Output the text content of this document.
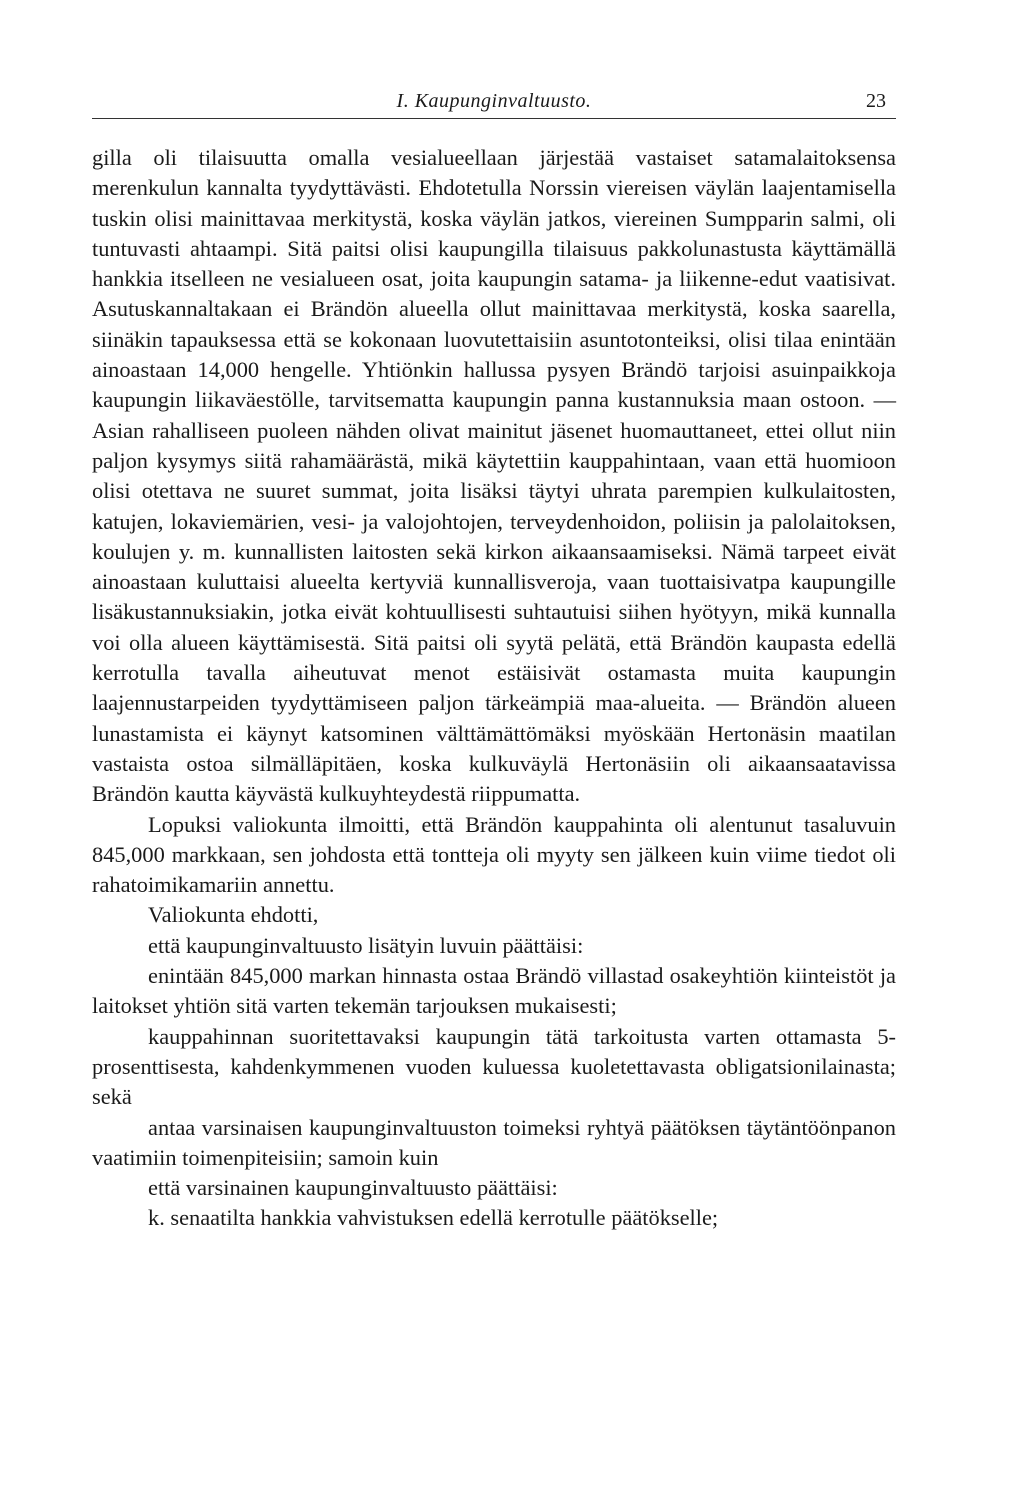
I. Kaupunginvaltuusto.	23

gilla oli tilaisuutta omalla vesialueellaan järjestää vastaiset satamalaitoksensa merenkulun kannalta tyydyttävästi. Ehdotetulla Norssin viereisen väylän laajentamisella tuskin olisi mainittavaa merkitystä, koska väylän jatkos, viereinen Sumpparin salmi, oli tuntuvasti ahtaampi. Sitä paitsi olisi kaupungilla tilaisuus pakkolunastusta käyttämällä hankkia itselleen ne vesialueen osat, joita kaupungin satama- ja liikenne-edut vaatisivat. Asutuskannaltakaan ei Brändön alueella ollut mainittavaa merkitystä, koska saarella, siinäkin tapauksessa että se kokonaan luovutettaisiin asuntotonteiksi, olisi tilaa enintään ainoastaan 14,000 hengelle. Yhtiönkin hallussa pysyen Brändö tarjoisi asuinpaikkoja kaupungin liikaväestölle, tarvitsematta kaupungin panna kustannuksia maan ostoon. — Asian rahalliseen puoleen nähden olivat mainitut jäsenet huomauttaneet, ettei ollut niin paljon kysymys siitä rahamäärästä, mikä käytettiin kauppahintaan, vaan että huomioon olisi otettava ne suuret summat, joita lisäksi täytyi uhrata parempien kulkulaitosten, katujen, lokaviemärien, vesi- ja valojohtojen, terveydenhoidon, poliisin ja palolaitoksen, koulujen y. m. kunnallisten laitosten sekä kirkon aikaansaamiseksi. Nämä tarpeet eivät ainoastaan kuluttaisi alueelta kertyviä kunnallisveroja, vaan tuottaisivatpa kaupungille lisäkustannuksiakin, jotka eivät kohtuullisesti suhtautuisi siihen hyötyyn, mikä kunnalla voi olla alueen käyttämisestä. Sitä paitsi oli syytä pelätä, että Brändön kaupasta edellä kerrotulla tavalla aiheutuvat menot estäisivät ostamasta muita kaupungin laajennustarpeiden tyydyttämiseen paljon tärkeämpiä maa-alueita. — Brändön alueen lunastamista ei käynyt katsominen välttämättömäksi myöskään Hertonäsin maatilan vastaista ostoa silmälläpitäen, koska kulkuväylä Hertonäsiin oli aikaansaatavissa Brändön kautta käyvästä kulkuyhteydestä riippumatta.

Lopuksi valiokunta ilmoitti, että Brändön kauppahinta oli alentunut tasaluvuin 845,000 markkaan, sen johdosta että tontteja oli myyty sen jälkeen kuin viime tiedot oli rahatoimikamariin annettu.

Valiokunta ehdotti,

että kaupunginvaltuusto lisätyin luvuin päättäisi:

enintään 845,000 markan hinnasta ostaa Brändö villastad osakeyhtiön kiinteistöt ja laitokset yhtiön sitä varten tekemän tarjouksen mukaisesti;

kauppahinnan suoritettavaksi kaupungin tätä tarkoitusta varten ottamasta 5-prosenttisesta, kahdenkymmenen vuoden kuluessa kuoletettavasta obligatsionilainasta; sekä

antaa varsinaisen kaupunginvaltuuston toimeksi ryhtyä päätöksen täytäntöönpanon vaatimiin toimenpiteisiin; samoin kuin

että varsinainen kaupunginvaltuusto päättäisi:

k. senaatilta hankkia vahvistuksen edellä kerrotulle päätökselle;
